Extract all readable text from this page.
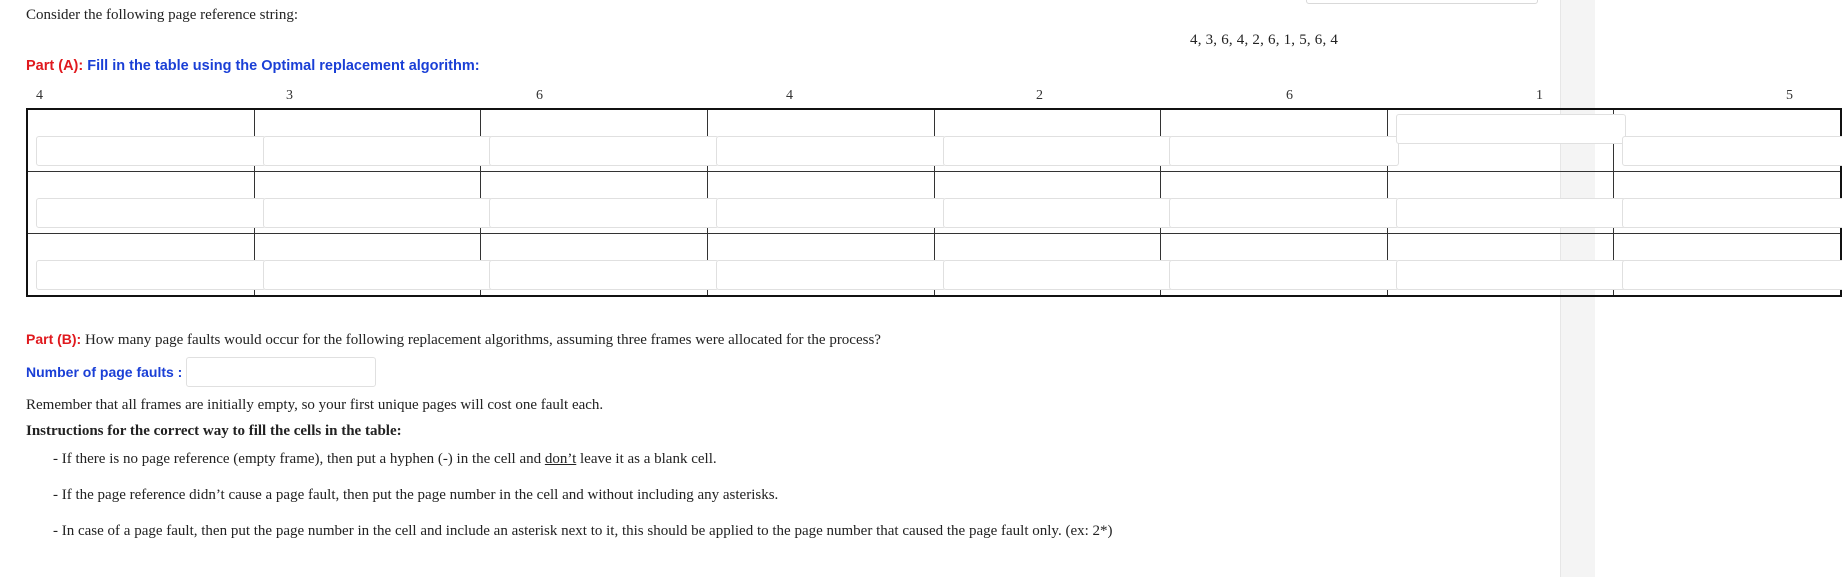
Consider the following page reference string:
4, 3, 6, 4, 2, 6, 1, 5, 6, 4
Part (A): Fill in the table using the Optimal replacement algorithm:
4	3	6	4	2	6	1	5

Part (B): How many page faults would occur for the following replacement algorithms, assuming three frames were allocated for the process?
Number of page faults :
Remember that all frames are initially empty, so your first unique pages will cost one fault each.
Instructions for the correct way to fill the cells in the table:
- If there is no page reference (empty frame), then put a hyphen (-) in the cell and don’t leave it as a blank cell.
- If the page reference didn’t cause a page fault, then put the page number in the cell and without including any asterisks.
- In case of a page fault, then put the page number in the cell and include an asterisk next to it, this should be applied to the page number that caused the page fault only. (ex: 2*)
